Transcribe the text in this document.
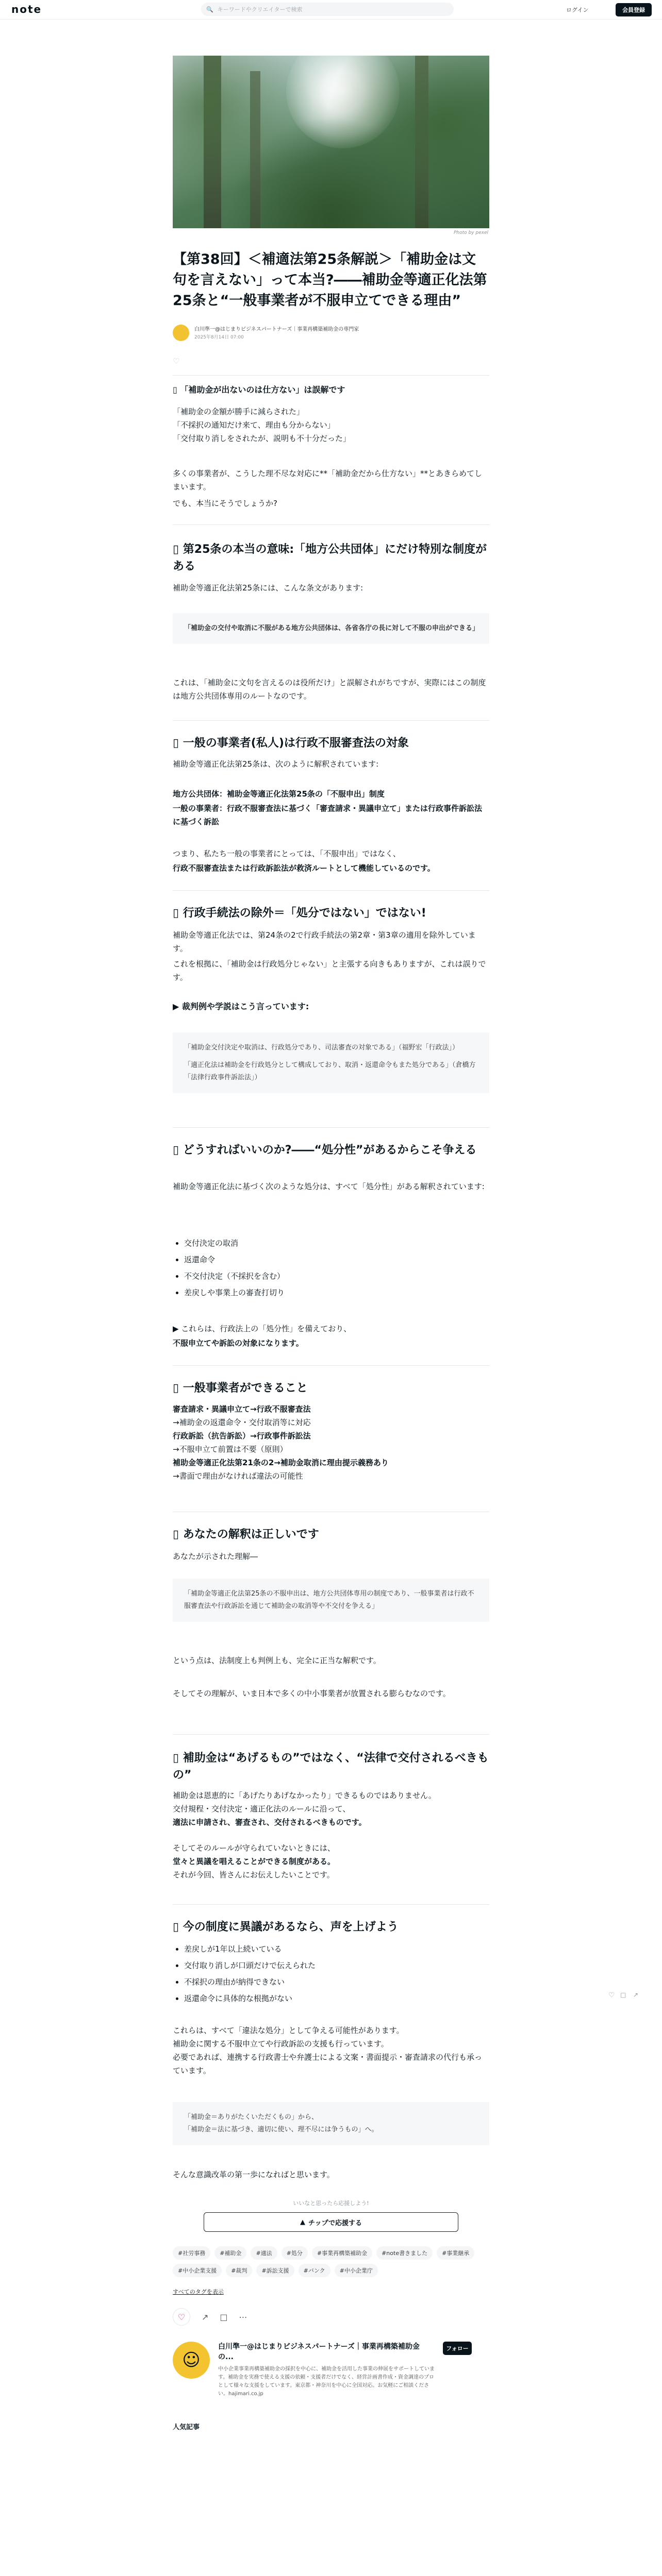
note	🔍 キーワードやクリエイターで検索	ログイン	会員登録
Photo by pexel
♡ □ ↗
【第38回】＜補適法第25条解説＞「補助金は文句を言えない」って本当?――補助金等適正化法第25条と“一般事業者が不服申立てできる理由”
白川準一@はじまりビジネスパートナーズ｜事業再構築補助金の専門家
2025年8月14日 07:00
♡
▯ 「補助金が出ないのは仕方ない」は誤解です

「補助金の金額が勝手に減らされた」

「不採択の通知だけ来て、理由も分からない」

「交付取り消しをされたが、説明も不十分だった」

多くの事業者が、こうした理不尽な対応に**「補助金だから仕方ない」**とあきらめてしまいます。

でも、本当にそうでしょうか?

▯ 第25条の本当の意味:「地方公共団体」にだけ特別な制度がある

補助金等適正化法第25条には、こんな条文があります:

「補助金の交付や取消に不服がある地方公共団体は、各省各庁の長に対して不服の申出ができる」

これは、「補助金に文句を言えるのは役所だけ」と誤解されがちですが、実際にはこの制度は地方公共団体専用のルートなのです。

▯ 一般の事業者(私人)は行政不服審査法の対象

補助金等適正化法第25条は、次のように解釈されています:

地方公共団体：補助金等適正化法第25条の「不服申出」制度

一般の事業者：行政不服審査法に基づく「審査請求・異議申立て」または行政事件訴訟法に基づく訴訟

つまり、私たち一般の事業者にとっては、「不服申出」ではなく、

行政不服審査法または行政訴訟法が救済ルートとして機能しているのです。

▯ 行政手続法の除外＝「処分ではない」ではない!

補助金等適正化法では、第24条の2で行政手続法の第2章・第3章の適用を除外しています。

これを根拠に、「補助金は行政処分じゃない」と主張する向きもありますが、これは誤りです。

▶ 裁判例や学説はこう言っています:
「補助金交付決定や取消は、行政処分であり、司法審査の対象である」（福野宏「行政法」）
「適正化法は補助金を行政処分として構成しており、取消・返還命令もまた処分である」（倉橋方「法律行政事件訴訟法」）
▯ どうすればいいのか?――“処分性”があるからこそ争える

補助金等適正化法に基づく次のような処分は、すべて「処分性」がある解釈されています:

• 交付決定の取消
• 返還命令
• 不交付決定（不採択を含む）
• 差戻しや事業上の審査打切り

▶ これらは、行政法上の「処分性」を備えており、

不服申立てや訴訟の対象になります。

▯ 一般事業者ができること

審査請求・異議申立て→行政不服審査法

→補助金の返還命令・交付取消等に対応

行政訴訟（抗告訴訟）→行政事件訴訟法

→不服申立て前置は不要（原則）

補助金等適正化法第21条の2→補助金取消に理由提示義務あり

→書面で理由がなければ違法の可能性

▯ あなたの解釈は正しいです

あなたが示された理解―

「補助金等適正化法第25条の不服申出は、地方公共団体専用の制度であり、一般事業者は行政不服審査法や行政訴訟を通じて補助金の取消等や不交付を争える」

という点は、法制度上も判例上も、完全に正当な解釈です。

そしてその理解が、いま日本で多くの中小事業者が放置される膨らむなのです。

▯ 補助金は“あげるもの”ではなく、“法律で交付されるべきもの”

補助金は恩恵的に「あげたりあげなかったり」できるものではありません。

交付規程・交付決定・適正化法のルールに沿って、

適法に申請され、審査され、交付されるべきものです。

そしてそのルールが守られていないときには、

堂々と異議を唱えることができる制度がある。

それが今回、皆さんにお伝えしたいことです。

▯ 今の制度に異議があるなら、声を上げよう
• 差戻しが1年以上続いている
• 交付取り消しが口頭だけで伝えられた
• 不採択の理由が納得できない
• 返還命令に具体的な根拠がない

これらは、すべて「違法な処分」として争える可能性があります。

補助金に関する不服申立てや行政訴訟の支援も行っています。

必要であれば、連携する行政書士や弁護士による文案・書面提示・審査請求の代行も承っています。

「補助金＝ありがたくいただくもの」から、
「補助金＝法に基づき、適切に使い、理不尽には争うもの」へ。

そんな意識改革の第一歩になればと思います。

いいなと思ったら応援しよう!
▲ チップで応援する
#社労事務	#補助金	#適法	#処分	#事業再構築補助金	#note書きました	#事業継承
#中小企業支援	#裁判	#訴訟支援	#バンク	#中小企業庁
すべてのタグを表示
♡	↗ □ ⋯
☺
白川準一@はじまりビジネスパートナーズ｜事業再構築補助金の...
中小企業事業再構築補助金の採択を中心に、補助金を活用した事業の伸展をサポートしています。補助金を実務で使える支援の依頼・支援者だけでなく、経営計画書作成・資金調達のプロとして様々な支援をしています。東京都・神奈川を中心に全国対応。お気軽にご相談ください。hajimari.co.jp
フォロー
人気記事
